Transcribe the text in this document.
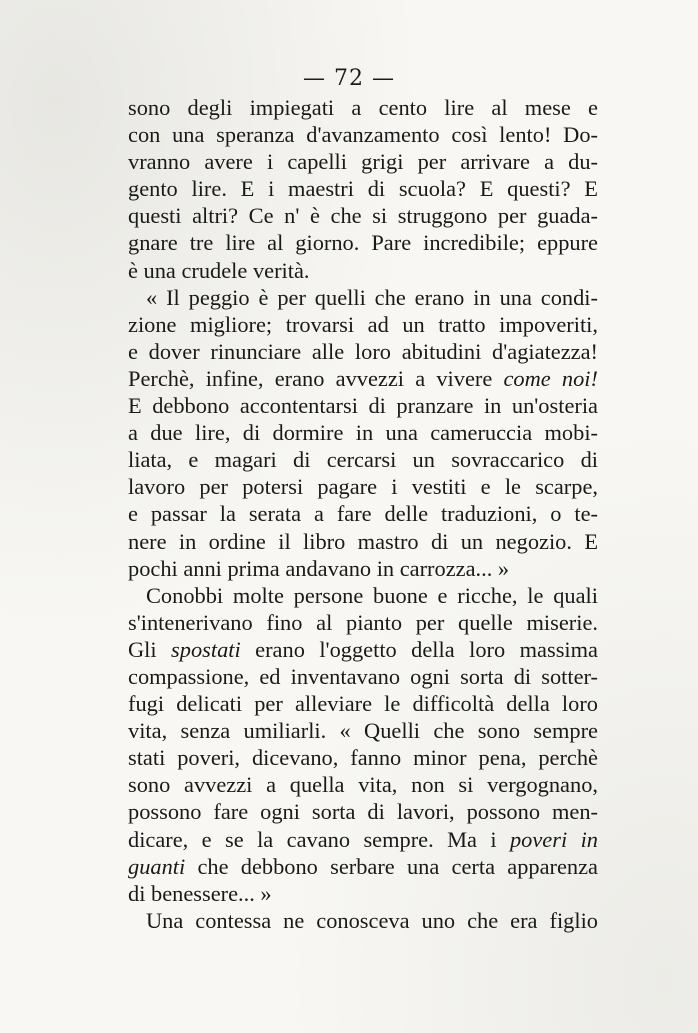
— 72 —
sono degli impiegati a cento lire al mese e
con una speranza d'avanzamento così lento! Do-
vranno avere i capelli grigi per arrivare a du-
gento lire. E i maestri di scuola? E questi? E
questi altri? Ce n' è che si struggono per guada-
gnare tre lire al giorno. Pare incredibile; eppure
è una crudele verità.
« Il peggio è per quelli che erano in una condi-
zione migliore; trovarsi ad un tratto impoveriti,
e dover rinunciare alle loro abitudini d'agiatezza!
Perchè, infine, erano avvezzi a vivere come noi!
E debbono accontentarsi di pranzare in un'osteria
a due lire, di dormire in una cameruccia mobi-
liata, e magari di cercarsi un sovraccarico di
lavoro per potersi pagare i vestiti e le scarpe,
e passar la serata a fare delle traduzioni, o te-
nere in ordine il libro mastro di un negozio. E
pochi anni prima andavano in carrozza... »
Conobbi molte persone buone e ricche, le quali
s'intenerivano fino al pianto per quelle miserie.
Gli spostati erano l'oggetto della loro massima
compassione, ed inventavano ogni sorta di sotter-
fugi delicati per alleviare le difficoltà della loro
vita, senza umiliarli. « Quelli che sono sempre
stati poveri, dicevano, fanno minor pena, perchè
sono avvezzi a quella vita, non si vergognano,
possono fare ogni sorta di lavori, possono men-
dicare, e se la cavano sempre. Ma i poveri in
guanti che debbono serbare una certa apparenza
di benessere... »
Una contessa ne conosceva uno che era figlio
